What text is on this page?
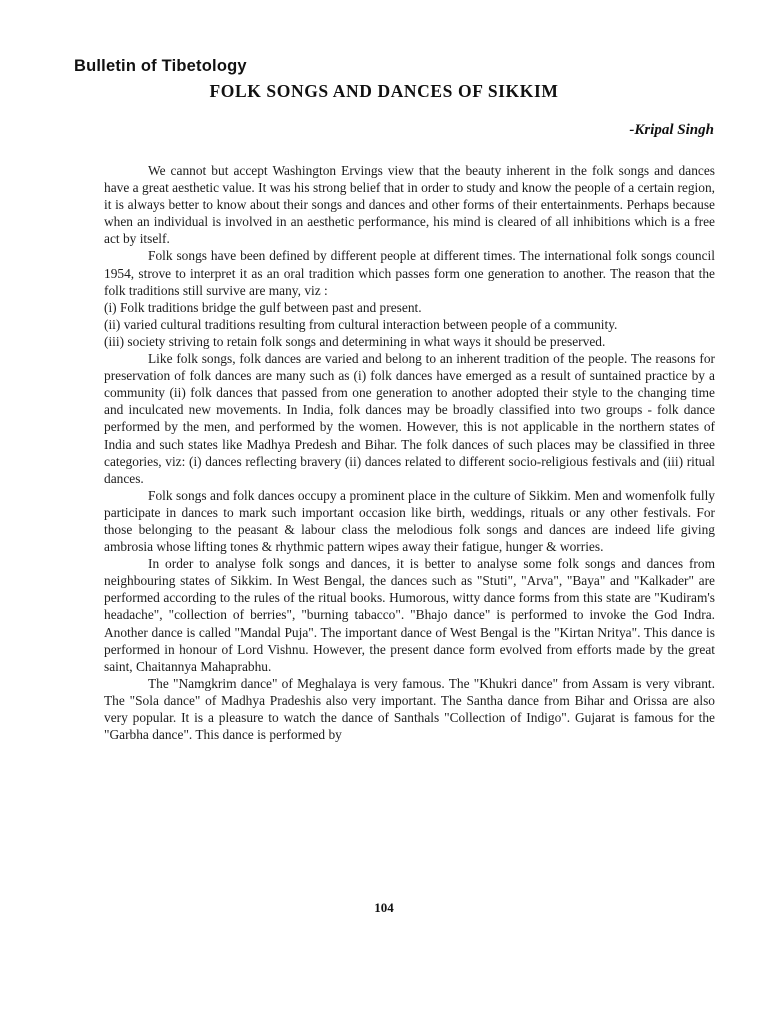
Bulletin of Tibetology
FOLK SONGS AND DANCES OF SIKKIM
-Kripal Singh

We cannot but accept Washington Ervings view that the beauty inherent in the folk songs and dances have a great aesthetic value. It was his strong belief that in order to study and know the people of a certain region, it is always better to know about their songs and dances and other forms of their entertainments. Perhaps because when an individual is involved in an aesthetic performance, his mind is cleared of all inhibitions which is a free act by itself.

Folk songs have been defined by different people at different times. The international folk songs council 1954, strove to interpret it as an oral tradition which passes form one generation to another. The reason that the folk traditions still survive are many, viz :

(i) Folk traditions bridge the gulf between past and present.

(ii) varied cultural traditions resulting from cultural interaction between people of a community.

(iii) society striving to retain folk songs and determining in what ways it should be preserved.

Like folk songs, folk dances are varied and belong to an inherent tradition of the people. The reasons for preservation of folk dances are many such as (i) folk dances have emerged as a result of suntained practice by a community (ii) folk dances that passed from one generation to another adopted their style to the changing time and inculcated new movements. In India, folk dances may be broadly classified into two groups - folk dance performed by the men, and performed by the women. However, this is not applicable in the northern states of India and such states like Madhya Predesh and Bihar. The folk dances of such places may be classified in three categories, viz: (i) dances reflecting bravery (ii) dances related to different socio-religious festivals and (iii) ritual dances.

Folk songs and folk dances occupy a prominent place in the culture of Sikkim. Men and womenfolk fully participate in dances to mark such important occasion like birth, weddings, rituals or any other festivals. For those belonging to the peasant & labour class the melodious folk songs and dances are indeed life giving ambrosia whose lifting tones & rhythmic pattern wipes away their fatigue, hunger & worries.

In order to analyse folk songs and dances, it is better to analyse some folk songs and dances from neighbouring states of Sikkim. In West Bengal, the dances such as "Stuti", "Arva", "Baya" and "Kalkader" are performed according to the rules of the ritual books. Humorous, witty dance forms from this state are "Kudiram's headache", "collection of berries", "burning tabacco". "Bhajo dance" is performed to invoke the God Indra. Another dance is called "Mandal Puja". The important dance of West Bengal is the "Kirtan Nritya". This dance is performed in honour of Lord Vishnu. However, the present dance form evolved from efforts made by the great saint, Chaitannya Mahaprabhu.

The "Namgkrim dance" of Meghalaya is very famous. The "Khukri dance" from Assam is very vibrant. The "Sola dance" of Madhya Pradeshis also very important. The Santha dance from Bihar and Orissa are also very popular. It is a pleasure to watch the dance of Santhals "Collection of Indigo". Gujarat is famous for the "Garbha dance". This dance is performed by

104
